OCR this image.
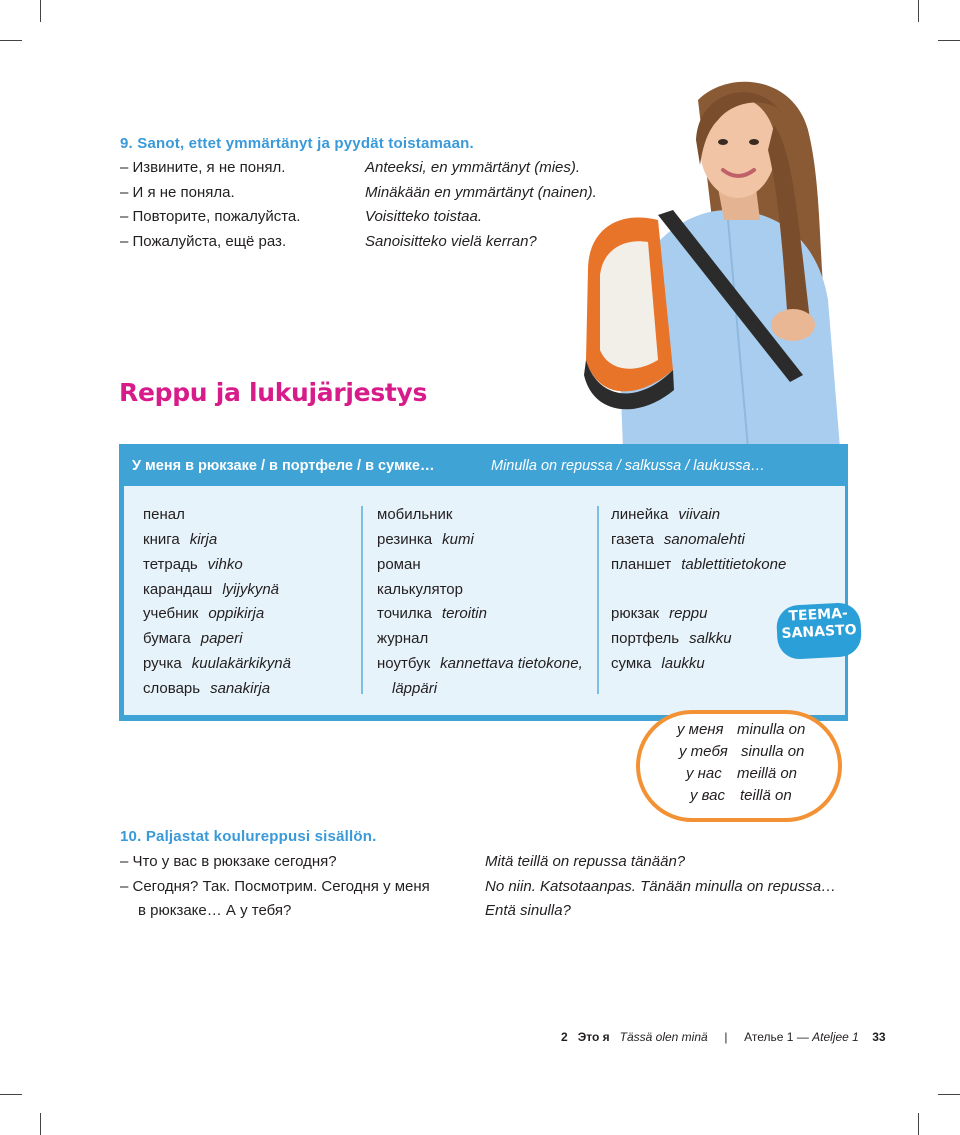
9. Sanot, ettet ymmärtänyt ja pyydät toistamaan.
– Извините, я не понял.
– И я не поняла.
– Повторите, пожалуйста.
– Пожалуйста, ещё раз.
Anteeksi, en ymmärtänyt (mies).
Minäkään en ymmärtänyt (nainen).
Voisitteko toistaa.
Sanoisitteko vielä kerran?
Reppu ja lukujärjestys
У меня в рюкзаке / в портфеле / в сумке…	Minulla on repussa / salkussa / laukussa…
пенал
книга kirja
тетрадь vihko
карандаш lyijykynä
учебник oppikirja
бумага paperi
ручка kuulakärkikynä
словарь sanakirja
мобильник
резинка kumi
роман
калькулятор
точилка teroitin
журнал
ноутбук kannettava tietokone,
läppäri
линейка viivain
газета sanomalehti
планшет tablettitietokone
рюкзак reppu
портфель salkku
сумка laukku
TEEMA-
SANASTO
у меня minulla on
у тебя sinulla on
у нас meillä on
у вас teillä on
10. Paljastat koulureppusi sisällön.
– Что у вас в рюкзаке сегодня?
– Сегодня? Так. Посмотрим. Сегодня у меня
в рюкзаке… А у тебя?
Mitä teillä on repussa tänään?
No niin. Katsotaanpas. Tänään minulla on repussa…
Entä sinulla?
2 Это я Tässä olen minä | Ателье 1 — Ateljee 1 33
